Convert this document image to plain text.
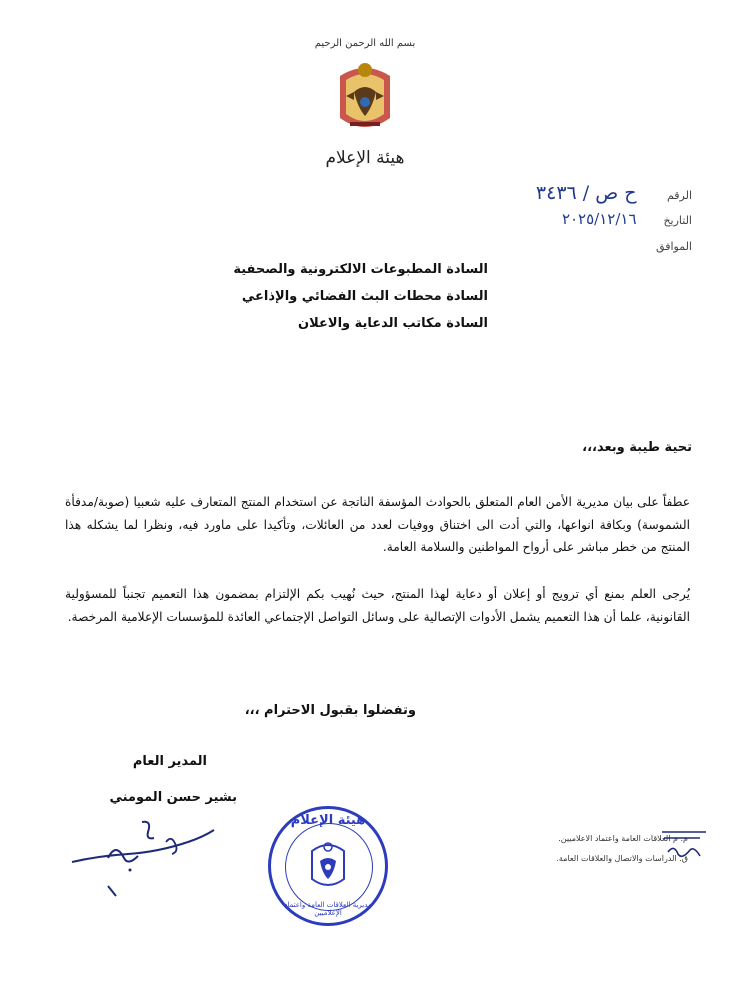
بسم الله الرحمن الرحيم
هيئة الإعلام
الرقم ح ص / ٣٤٣٦
التاريخ ٢٠٢٥/١٢/١٦
الموافق
السادة المطبوعات الالكترونية والصحفية
السادة محطات البث الفضائي والإذاعي
السادة مكاتب الدعاية والاعلان
تحية طيبة وبعد،،،
عطفاً على بيان مديرية الأمن العام المتعلق بالحوادث المؤسفة الناتجة عن استخدام المنتج المتعارف عليه شعبيا (صوبة/مدفأة الشموسة) وبكافة انواعها، والتي أدت الى اختناق ووفيات لعدد من العائلات، وتأكيدا على ماورد فيه، ونظرا لما يشكله هذا المنتج من خطر مباشر على أرواح المواطنين والسلامة العامة.
يُرجى العلم بمنع أي ترويج أو إعلان أو دعاية لهذا المنتج، حيث نُهيب بكم الإلتزام بمضمون هذا التعميم تجنباً للمسؤولية القانونية، علما أن هذا التعميم يشمل الأدوات الإتصالية على وسائل التواصل الإجتماعي العائدة للمؤسسات الإعلامية المرخصة.
وتفضلوا بقبول الاحترام ،،،
المدير العام
بشير حسن المومني
هيئة الإعلام
مديرية العلاقات العامة واعتماد الإعلاميين
م. م العلاقات العامة واعتماد الاعلاميين.
ق. الدراسات والاتصال والعلاقات العامة.
